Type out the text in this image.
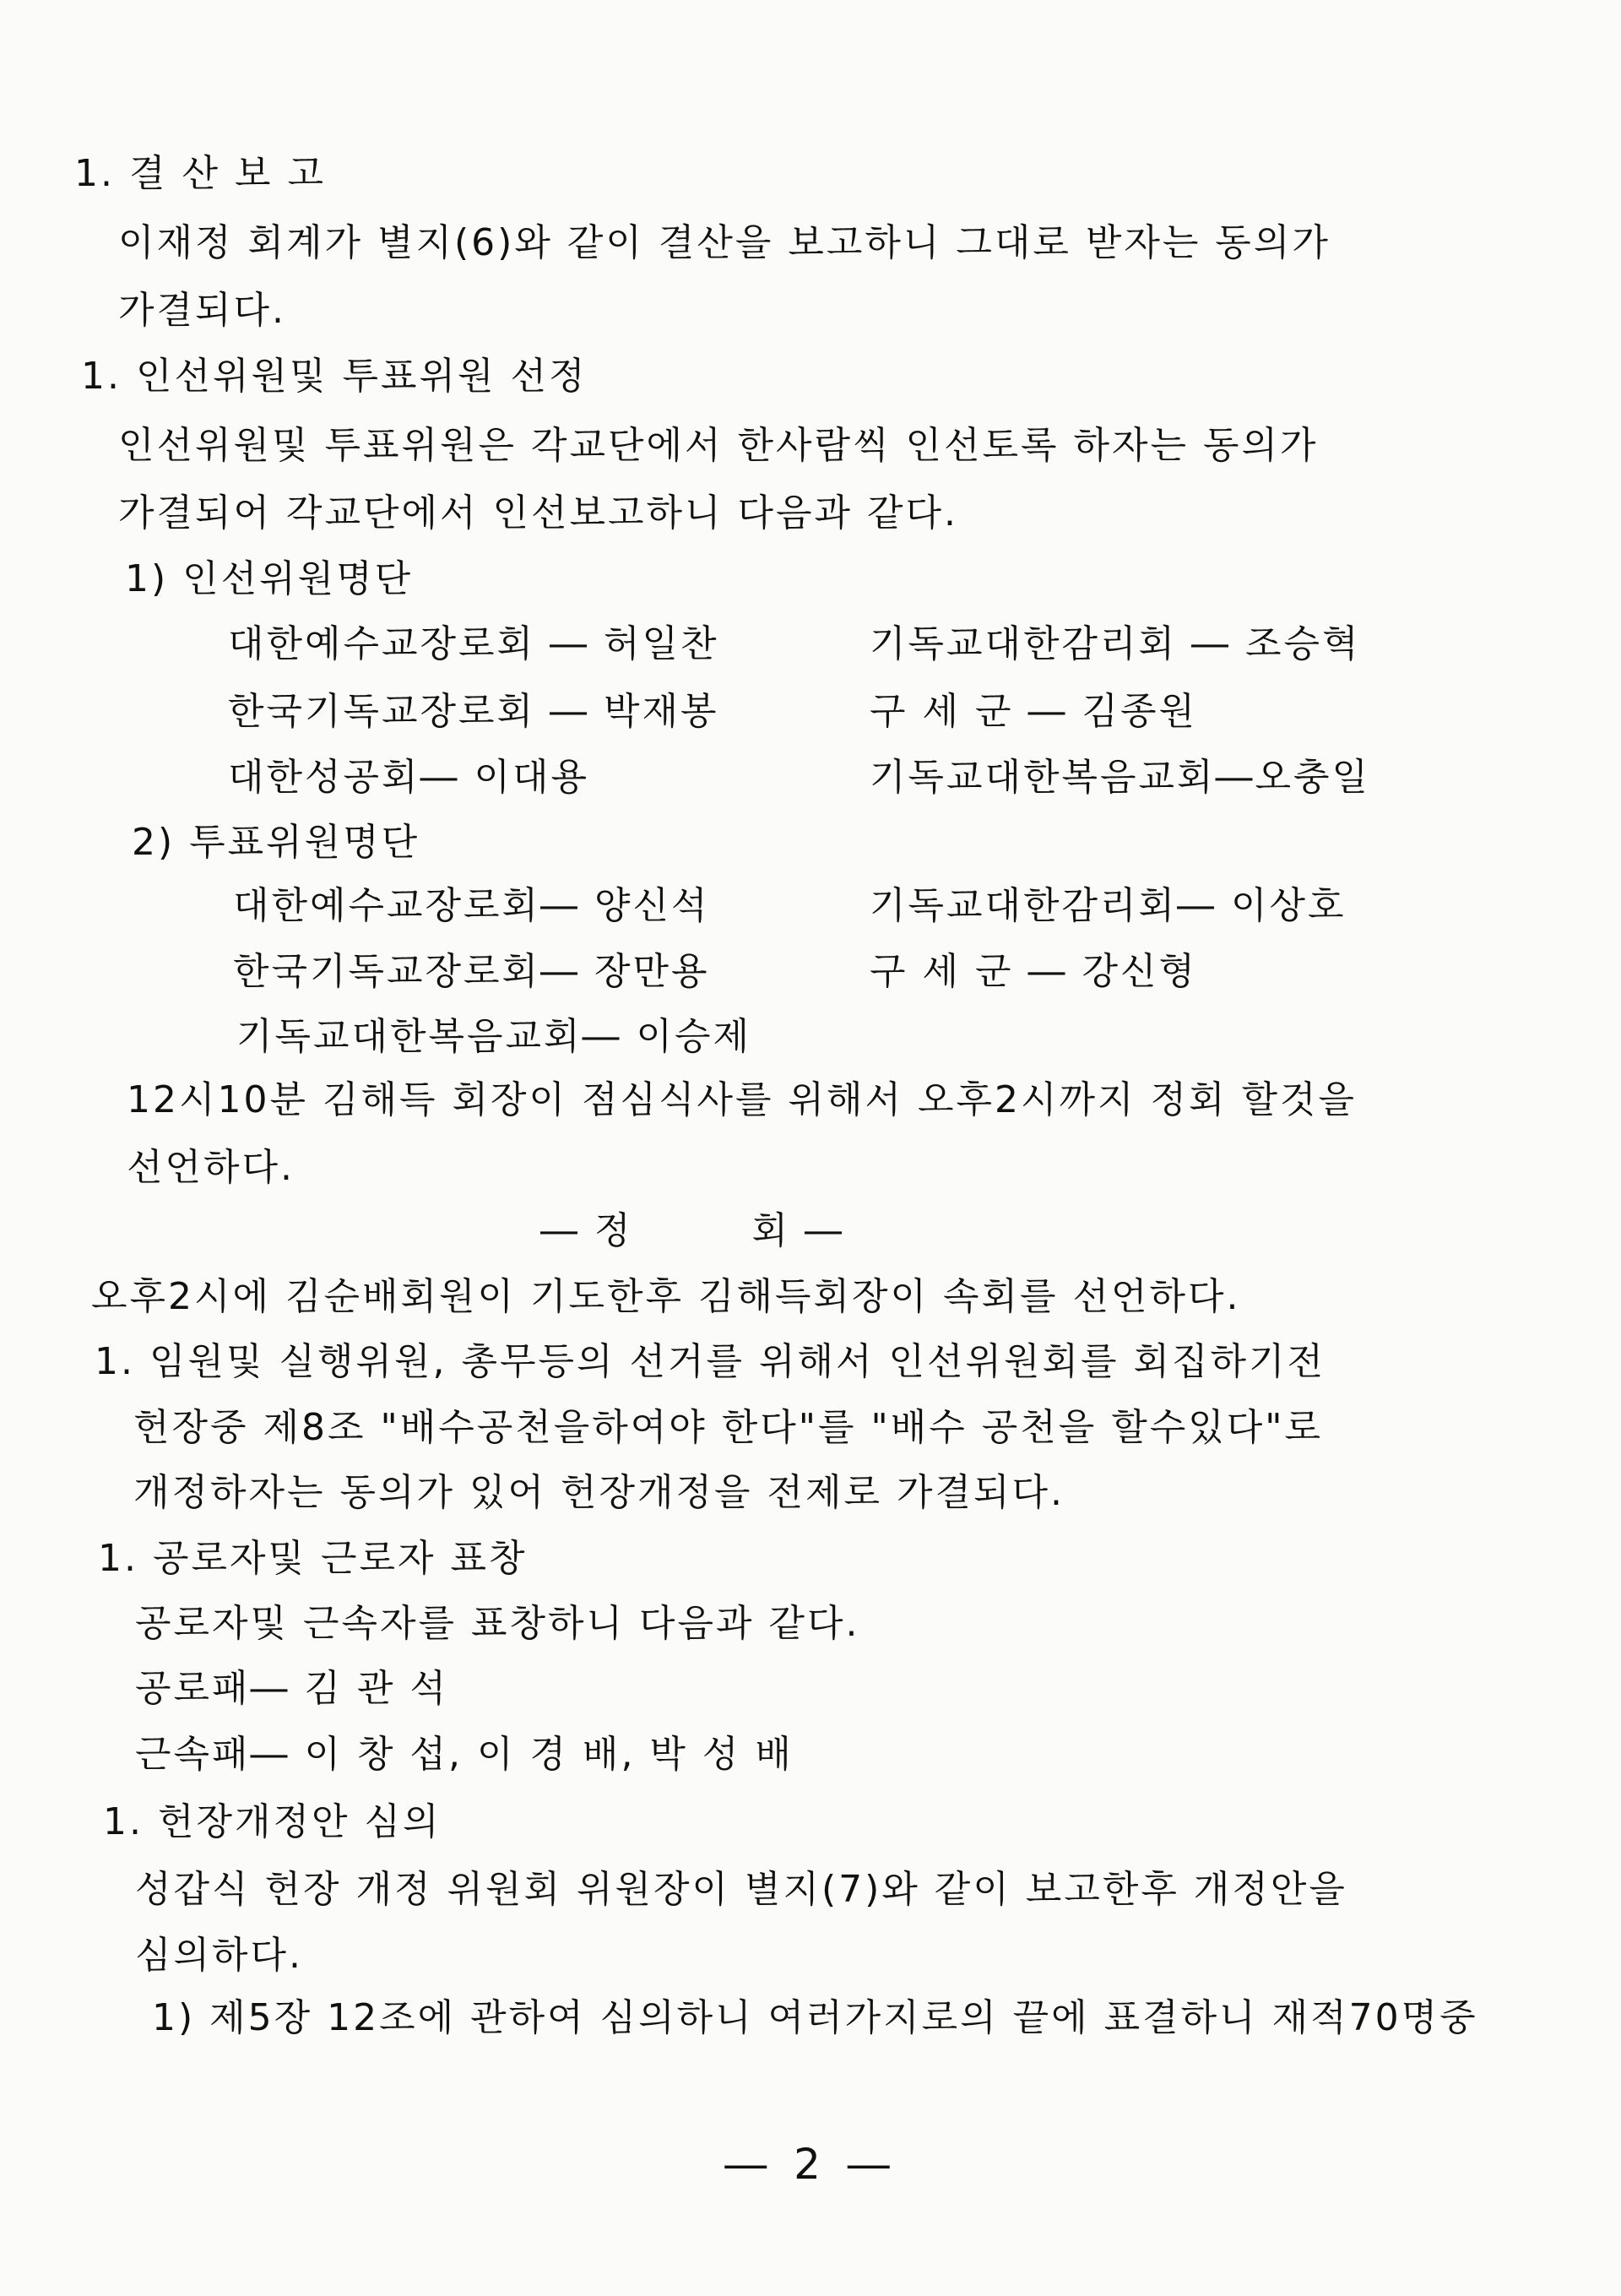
1. 결 산 보 고
이재정 회계가 별지(6)와 같이 결산을 보고하니 그대로 받자는 동의가
가결되다.
1. 인선위원및 투표위원 선정
인선위원및 투표위원은 각교단에서 한사람씩 인선토록 하자는 동의가
가결되어 각교단에서 인선보고하니 다음과 같다.
1) 인선위원명단
대한예수교장로회 ― 허일찬	기독교대한감리회 ― 조승혁
한국기독교장로회 ― 박재봉	구 세 군 ― 김종원
대한성공회― 이대용	기독교대한복음교회―오충일
2) 투표위원명단
대한예수교장로회― 양신석	기독교대한감리회― 이상호
한국기독교장로회― 장만용	구 세 군 ― 강신형
기독교대한복음교회― 이승제
12시10분 김해득 회장이 점심식사를 위해서 오후2시까지 정회 할것을
선언하다.
― 정　　　회 ―
오후2시에 김순배회원이 기도한후 김해득회장이 속회를 선언하다.
1. 임원및 실행위원, 총무등의 선거를 위해서 인선위원회를 회집하기전
헌장중 제8조 "배수공천을하여야 한다"를 "배수 공천을 할수있다"로
개정하자는 동의가 있어 헌장개정을 전제로 가결되다.
1. 공로자및 근로자 표창
공로자및 근속자를 표창하니 다음과 같다.
공로패― 김 관 석
근속패― 이 창 섭, 이 경 배, 박 성 배
1. 헌장개정안 심의
성갑식 헌장 개정 위원회 위원장이 별지(7)와 같이 보고한후 개정안을
심의하다.
1) 제5장 12조에 관하여 심의하니 여러가지로의 끝에 표결하니 재적70명중
― 2 ―
